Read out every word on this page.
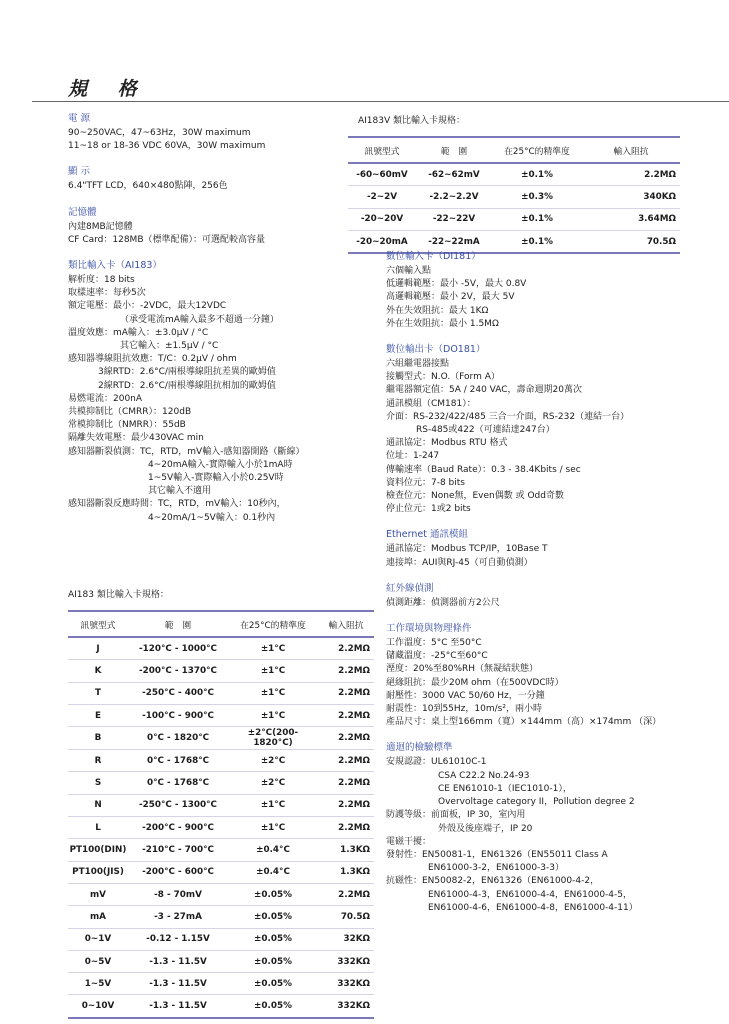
規 格
電 源
90~250VAC，47~63Hz，30W maximum
11~18 or 18-36 VDC 60VA，30W maximum
顯 示
6.4"TFT LCD，640×480點陣，256色
記憶體
內建8MB記憶體
CF Card：128MB（標準配備）：可選配較高容量
類比輸入卡（AI183）
解析度：18 bits
取樣速率：每秒5次
額定電壓：最小：-2VDC，最大12VDC
（承受電流mA輸入最多不超過一分鐘）
溫度效應：mA輸入：±3.0μV / °C
其它輸入：±1.5μV / °C
感知器導線阻抗效應：T/C：0.2μV / ohm
3線RTD：2.6°C/兩根導線阻抗差異的歐姆值
2線RTD：2.6°C/兩根導線阻抗相加的歐姆值
易燃電流：200nA
共模抑制比（CMRR）：120dB
常模抑制比（NMRR）：55dB
隔離失效電壓：最少430VAC min
感知器斷裂偵測：TC，RTD，mV輸入-感知器開路（斷線）
4~20mA輸入-實際輸入小於1mA時
1~5V輸入-實際輸入小於0.25V時
其它輸入不適用
感知器斷裂反應時間：TC，RTD，mV輸入：10秒內，
4~20mA/1~5V輸入：0.1秒內
AI183 類比輸入卡規格：
訊號型式	範　圍	在25°C的精準度	輸入阻抗
J	-120°C - 1000°C	±1°C	2.2MΩ
K	-200°C - 1370°C	±1°C	2.2MΩ
T	-250°C - 400°C	±1°C	2.2MΩ
E	-100°C - 900°C	±1°C	2.2MΩ
B	0°C - 1820°C	±2°C(200-1820°C)	2.2MΩ
R	0°C - 1768°C	±2°C	2.2MΩ
S	0°C - 1768°C	±2°C	2.2MΩ
N	-250°C - 1300°C	±1°C	2.2MΩ
L	-200°C - 900°C	±1°C	2.2MΩ
PT100(DIN)	-210°C - 700°C	±0.4°C	1.3KΩ
PT100(JIS)	-200°C - 600°C	±0.4°C	1.3KΩ
mV	-8 - 70mV	±0.05%	2.2MΩ
mA	-3 - 27mA	±0.05%	70.5Ω
0~1V	-0.12 - 1.15V	±0.05%	32KΩ
0~5V	-1.3 - 11.5V	±0.05%	332KΩ
1~5V	-1.3 - 11.5V	±0.05%	332KΩ
0~10V	-1.3 - 11.5V	±0.05%	332KΩ
AI183V 類比輸入卡規格：
訊號型式	範　圍	在25°C的精準度	輸入阻抗
-60~60mV	-62~62mV	±0.1%	2.2MΩ
-2~2V	-2.2~2.2V	±0.3%	340KΩ
-20~20V	-22~22V	±0.1%	3.64MΩ
-20~20mA	-22~22mA	±0.1%	70.5Ω
數位輸入卡（DI181）
六個輸入點
低邏輯範壓：最小 -5V，最大 0.8V
高邏輯範壓：最小 2V，最大 5V
外在失效阻抗：最大 1KΩ
外在生效阻抗：最小 1.5MΩ
數位輸出卡（DO181）
六組繼電器接點
接觸型式：N.O.（Form A）
繼電器額定值：5A / 240 VAC，壽命週期20萬次
通訊模組（CM181）：
介面：RS-232/422/485 三合一介面，RS-232（連結一台）
RS-485或422（可連結達247台）
通訊協定：Modbus RTU 格式
位址：1-247
傳輸速率（Baud Rate）：0.3 - 38.4Kbits / sec
資料位元：7-8 bits
檢查位元：None無，Even偶數 或 Odd奇數
停止位元：1或2 bits
Ethernet 通訊模組
通訊協定：Modbus TCP/IP，10Base T
連接埠：AUI與RJ-45（可自動偵測）
紅外線偵測
偵測距離：偵測器前方2公尺
工作環境與物理條件
工作溫度：5°C 至50°C
儲藏溫度：-25°C至60°C
溼度：20%至80%RH（無凝結狀態）
絕緣阻抗：最少20M ohm（在500VDC時）
耐壓性：3000 VAC 50/60 Hz，一分鐘
耐震性：10到55Hz，10m/s²，兩小時
產品尺寸：桌上型166mm（寬）×144mm（高）×174mm （深）
適迴的檢驗標準
安規認證：UL61010C-1
CSA C22.2 No.24-93
CE EN61010-1（IEC1010-1），
Overvoltage category II，Pollution degree 2
防護等級：前面板，IP 30，室內用
外殼及後座端子，IP 20
電磁干擾：
發射性：EN50081-1，EN61326（EN55011 Class A
EN61000-3-2，EN61000-3-3）
抗磁性：EN50082-2，EN61326（EN61000-4-2，
EN61000-4-3，EN61000-4-4，EN61000-4-5，
EN61000-4-6，EN61000-4-8，EN61000-4-11）
